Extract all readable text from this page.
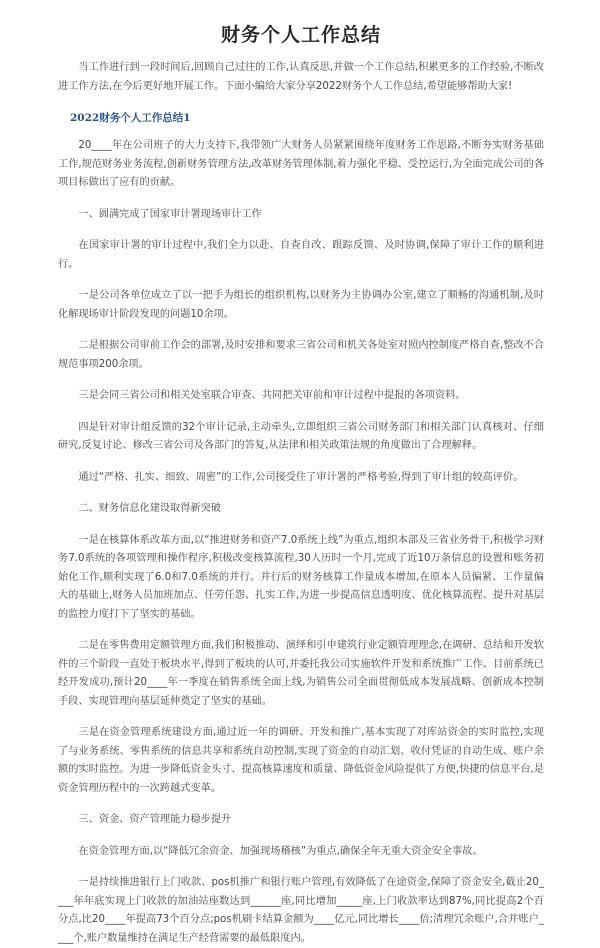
财务个人工作总结

当工作进行到一段时间后,回顾自己过往的工作,认真反思,并做一个工作总结,积累更多的工作经验,不断改进工作方法,在今后更好地开展工作。下面小编给大家分享2022财务个人工作总结,希望能够帮助大家!

2022财务个人工作总结1

20____年在公司班子的大力支持下,我带领广大财务人员紧紧围绕年度财务工作思路,不断夯实财务基础工作,规范财务业务流程,创新财务管理方法,改革财务管理体制,着力强化平稳、受控运行,为全面完成公司的各项目标做出了应有的贡献。

一、圆满完成了国家审计署现场审计工作

在国家审计署的审计过程中,我们全力以赴、自查自改、跟踪反馈、及时协调,保障了审计工作的顺利进行。

一是公司各单位成立了以一把手为组长的组织机构,以财务为主协调办公室,建立了顺畅的沟通机制,及时化解现场审计阶段发现的问题10余项。

二是根据公司审前工作会的部署,及时安排和要求三省公司和机关各处室对照内控制度严格自查,整改不合规范事项200余项。

三是会同三省公司和相关处室联合审查、共同把关审前和审计过程中提报的各项资料。

四是针对审计组反馈的32个审计记录,主动牵头,立即组织三省公司财务部门和相关部门认真核对、仔细研究,反复讨论、修改三省公司及各部门的答复,从法律和相关政策法规的角度做出了合理解释。

通过“严格、扎实、细致、周密”的工作,公司接受住了审计署的严格考验,得到了审计组的较高评价。

二、财务信息化建设取得新突破

一是在核算体系改革方面,以“推进财务和资产7.0系统上线”为重点,组织本部及三省业务骨干,积极学习财务7.0系统的各项管理和操作程序,积极改变核算流程,30人历时一个月,完成了近10万条信息的设置和账务初始化工作,顺利实现了6.0和7.0系统的并行。并行后的财务核算工作量成本增加,在原本人员偏紧、工作量偏大的基础上,财务人员加班加点、任劳任怨、扎实工作,为进一步提高信息透明度、优化核算流程、提升对基层的监控力度打下了坚实的基础。

二是在零售费用定额管理方面,我们积极推动、演绎和引申建筑行业定额管理理念,在调研、总结和开发软件的三个阶段一直处于板块水平,得到了板块的认可,并委托我公司实施软件开发和系统推广工作。目前系统已经开发成功,预计20____年一季度在销售系统全面上线,为销售公司全面贯彻低成本发展战略、创新成本控制手段、实现管理向基层延伸奠定了坚实的基础。

三是在资金管理系统建设方面,通过近一年的调研、开发和推广,基本实现了对库站资金的实时监控,实现了与业务系统、零售系统的信息共享和系统自动控制,实现了资金的自动汇划、收付凭证的自动生成、账户余额的实时监控。为进一步降低资金头寸、提高核算速度和质量、降低资金风险提供了方便,快捷的信息平台,是资金管理历程中的一次跨越式变革。

三、资金、资产管理能力稳步提升

在资金管理方面,以“降低冗余资金、加强现场稽核”为重点,确保全年无重大资金安全事故。

一是持续推进银行上门收款、pos机推广和银行账户管理,有效降低了在途资金,保障了资金安全,截止20____年年底实现上门收款的加油站座数达到______座,同比增加_____座,上门收款率达到87%,同比提高2个百分点,比20____年提高73个百分点;pos机刷卡结算金额为____亿元,同比增长____倍;清理冗余账户,合并账户____个,账户数量维持在满足生产经营需要的最低限度内。
